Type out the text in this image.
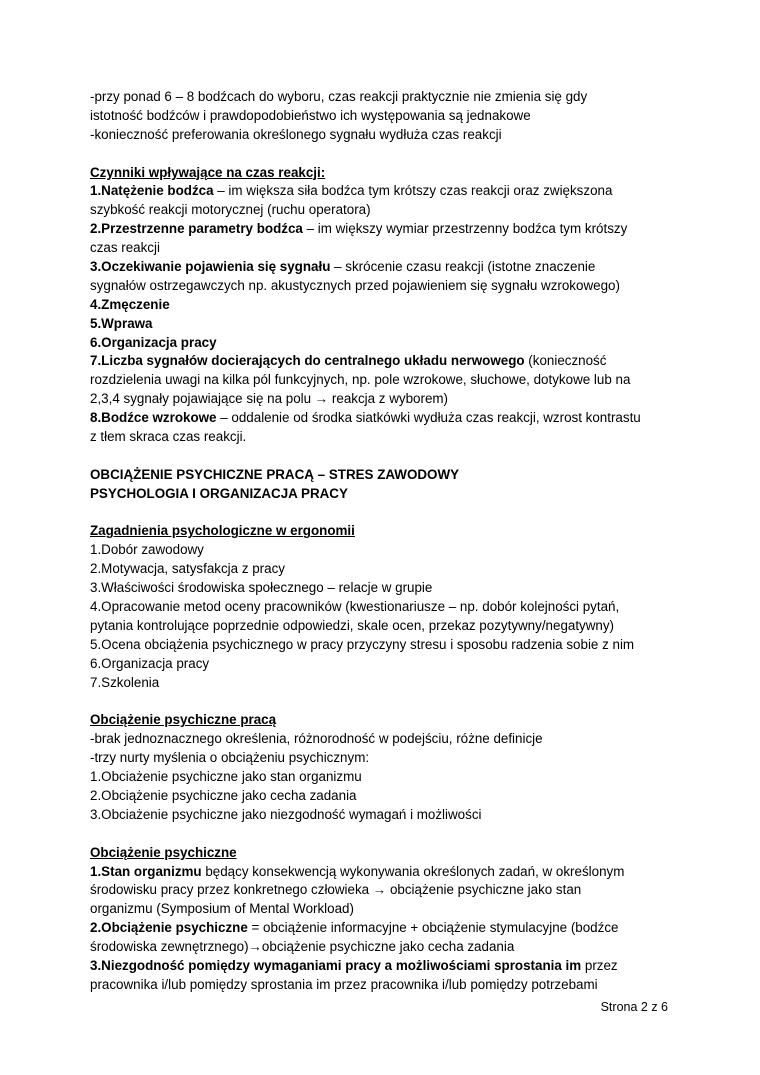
-przy ponad 6 – 8 bodźcach do wyboru, czas reakcji praktycznie nie zmienia się gdy

istotność bodźców i prawdopodobieństwo ich występowania są jednakowe

-konieczność preferowania określonego sygnału wydłuża czas reakcji

Czynniki wpływające na czas reakcji:

1.Natężenie bodźca – im większa siła bodźca tym krótszy czas reakcji oraz zwiększona

szybkość reakcji motorycznej (ruchu operatora)

2.Przestrzenne parametry bodźca – im większy wymiar przestrzenny bodźca tym krótszy

czas reakcji

3.Oczekiwanie pojawienia się sygnału – skrócenie czasu reakcji (istotne znaczenie

sygnałów ostrzegawczych np. akustycznych przed pojawieniem się sygnału wzrokowego)

4.Zmęczenie

5.Wprawa

6.Organizacja pracy

7.Liczba sygnałów docierających do centralnego układu nerwowego (konieczność

rozdzielenia uwagi na kilka pól funkcyjnych, np. pole wzrokowe, słuchowe, dotykowe lub na

2,3,4 sygnały pojawiające się na polu → reakcja z wyborem)

8.Bodźce wzrokowe – oddalenie od środka siatkówki wydłuża czas reakcji, wzrost kontrastu

z tłem skraca czas reakcji.

OBCIĄŻENIE PSYCHICZNE PRACĄ – STRES ZAWODOWY

PSYCHOLOGIA I ORGANIZACJA PRACY

Zagadnienia psychologiczne w ergonomii

1.Dobór zawodowy

2.Motywacja, satysfakcja z pracy

3.Właściwości środowiska społecznego – relacje w grupie

4.Opracowanie metod oceny pracowników (kwestionariusze – np. dobór kolejności pytań,

pytania kontrolujące poprzednie odpowiedzi, skale ocen, przekaz pozytywny/negatywny)

5.Ocena obciążenia psychicznego w pracy przyczyny stresu i sposobu radzenia sobie z nim

6.Organizacja pracy

7.Szkolenia

Obciążenie psychiczne pracą

-brak jednoznacznego określenia, różnorodność w podejściu, różne definicje

-trzy nurty myślenia o obciążeniu psychicznym:

1.Obciażenie psychiczne jako stan organizmu

2.Obciążenie psychiczne jako cecha zadania

3.Obciażenie psychiczne jako niezgodność wymagań i możliwości

Obciążenie psychiczne

1.Stan organizmu będący konsekwencją wykonywania określonych zadań, w określonym

środowisku pracy przez konkretnego człowieka → obciążenie psychiczne jako stan

organizmu (Symposium of Mental Workload)

2.Obciążenie psychiczne = obciążenie informacyjne + obciążenie stymulacyjne (bodźce

środowiska zewnętrznego)→obciążenie psychiczne jako cecha zadania

3.Niezgodność pomiędzy wymaganiami pracy a możliwościami sprostania im przez

pracownika i/lub pomiędzy sprostania im przez pracownika i/lub pomiędzy potrzebami

Strona 2 z 6
